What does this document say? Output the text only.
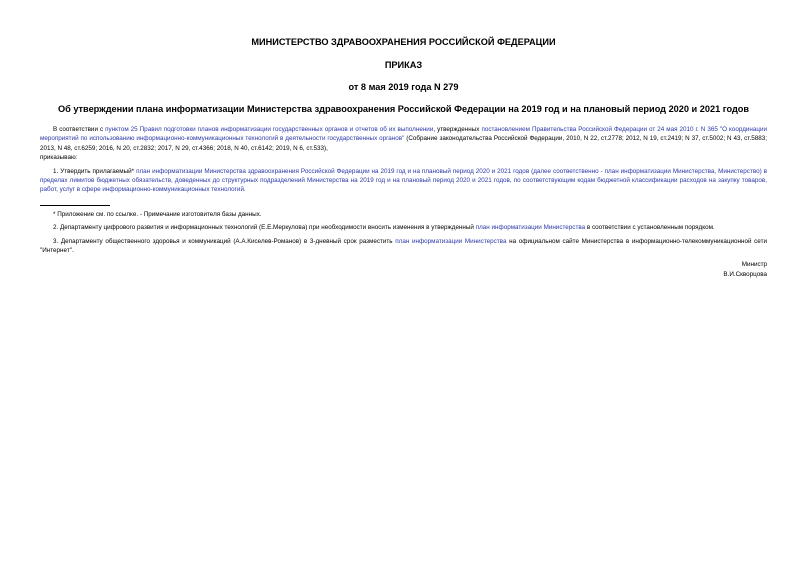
МИНИСТЕРСТВО ЗДРАВООХРАНЕНИЯ РОССИЙСКОЙ ФЕДЕРАЦИИ
ПРИКАЗ
от 8 мая 2019 года N 279
Об утверждении плана информатизации Министерства здравоохранения Российской Федерации на 2019 год и на плановый период 2020 и 2021 годов

В соответствии с пунктом 25 Правил подготовки планов информатизации государственных органов и отчетов об их выполнении, утвержденных постановлением Правительства Российской Федерации от 24 мая 2010 г. N 365 "О координации мероприятий по использованию информационно-коммуникационных технологий в деятельности государственных органов" (Собрание законодательства Российской Федерации, 2010, N 22, ст.2778; 2012, N 19, ст.2419; N 37, ст.5002; N 43, ст.5883; 2013, N 48, ст.6259; 2016, N 20, ст.2832; 2017, N 29, ст.4366; 2018, N 40, ст.6142; 2019, N 6, ст.533),

приказываю:

1. Утвердить прилагаемый* план информатизации Министерства здравоохранения Российской Федерации на 2019 год и на плановый период 2020 и 2021 годов (далее соответственно - план информатизации Министерства, Министерство) в пределах лимитов бюджетных обязательств, доведенных до структурных подразделений Министерства на 2019 год и на плановый период 2020 и 2021 годов, по соответствующим кодам бюджетной классификации расходов на закупку товаров, работ, услуг в сфере информационно-коммуникационных технологий.

* Приложение см. по ссылке. - Примечание изготовителя базы данных.

2. Департаменту цифрового развития и информационных технологий (Е.Е.Меркулова) при необходимости вносить изменения в утвержденный план информатизации Министерства в соответствии с установленным порядком.

3. Департаменту общественного здоровья и коммуникаций (А.А.Киселев-Романов) в 3-дневный срок разместить план информатизации Министерства на официальном сайте Министерства в информационно-телекоммуникационной сети "Интернет".

Министр

В.И.Скворцова
